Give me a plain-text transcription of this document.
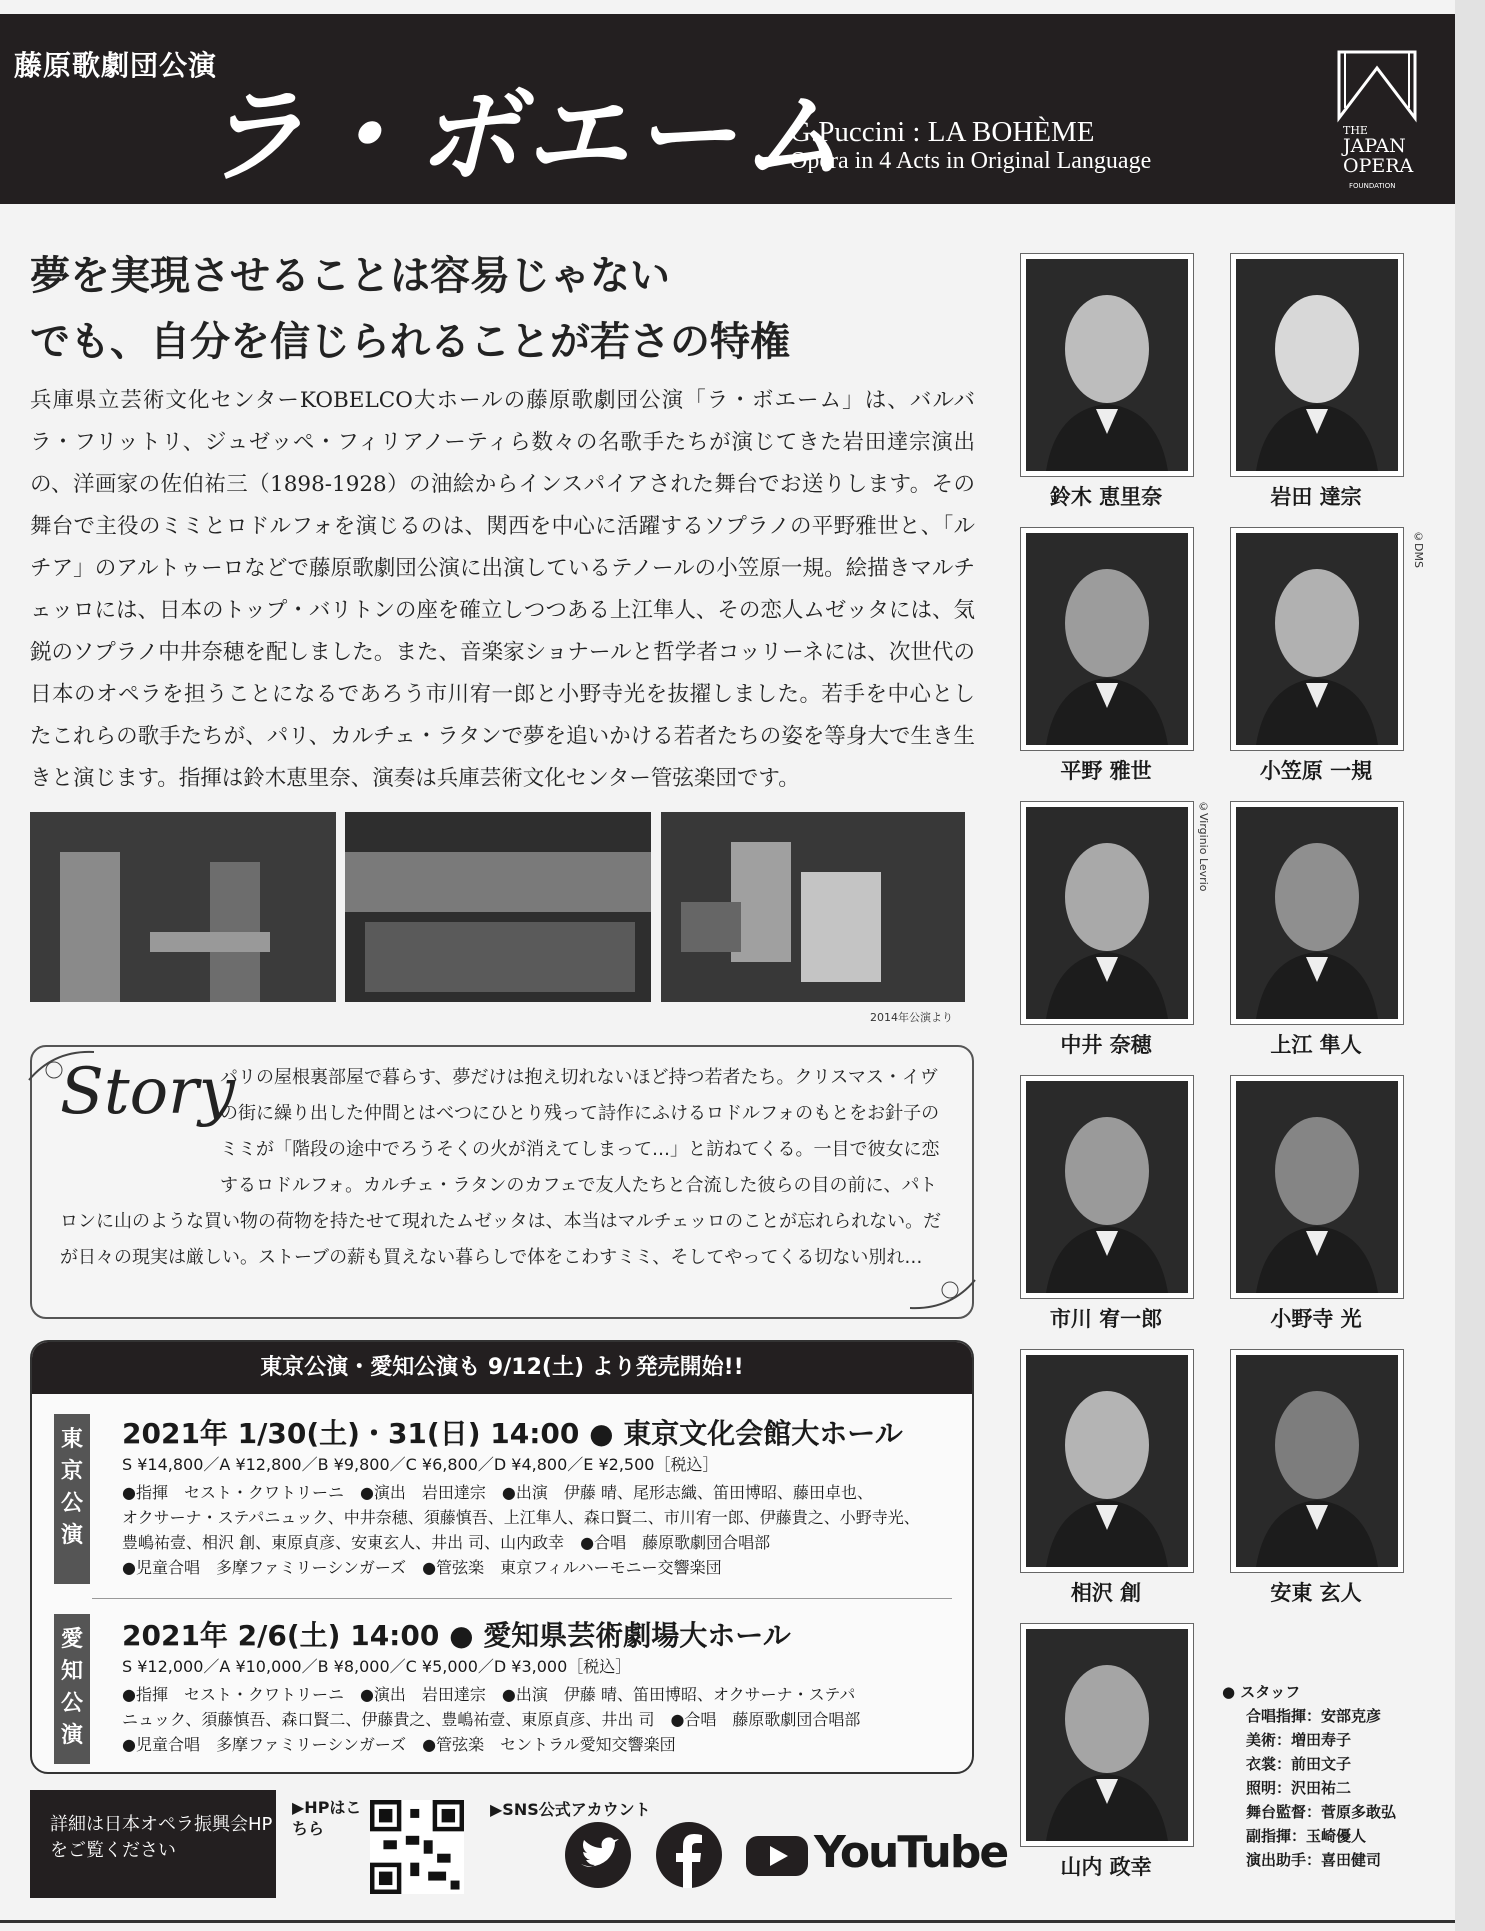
藤原歌劇団公演
ラ・ボエーム
G.Puccini : LA BOHÈME
Opera in 4 Acts in Original Language
THE
JAPAN
OPERA
FOUNDATION
夢を実現させることは容易じゃない
でも、自分を信じられることが若さの特権
兵庫県立芸術文化センターKOBELCO大ホールの藤原歌劇団公演「ラ・ボエーム」は、バルバラ・フリットリ、ジュゼッペ・フィリアノーティら数々の名歌手たちが演じてきた岩田達宗演出の、洋画家の佐伯祐三（1898-1928）の油絵からインスパイアされた舞台でお送りします。その舞台で主役のミミとロドルフォを演じるのは、関西を中心に活躍するソプラノの平野雅世と、「ルチア」のアルトゥーロなどで藤原歌劇団公演に出演しているテノールの小笠原一規。絵描きマルチェッロには、日本のトップ・バリトンの座を確立しつつある上江隼人、その恋人ムゼッタには、気鋭のソプラノ中井奈穂を配しました。また、音楽家ショナールと哲学者コッリーネには、次世代の日本のオペラを担うことになるであろう市川宥一郎と小野寺光を抜擢しました。若手を中心としたこれらの歌手たちが、パリ、カルチェ・ラタンで夢を追いかける若者たちの姿を等身大で生き生きと演じます。指揮は鈴木恵里奈、演奏は兵庫芸術文化センター管弦楽団です。
2014年公演より
Story
パリの屋根裏部屋で暮らす、夢だけは抱え切れないほど持つ若者たち。クリスマス・イヴの街に繰り出した仲間とはべつにひとり残って詩作にふけるロドルフォのもとをお針子のミミが「階段の途中でろうそくの火が消えてしまって…」と訪ねてくる。一目で彼女に恋するロドルフォ。カルチェ・ラタンのカフェで友人たちと合流した彼らの目の前に、パトロンに山のような買い物の荷物を持たせて現れたムゼッタは、本当はマルチェッロのことが忘れられない。だが日々の現実は厳しい。ストーブの薪も買えない暮らしで体をこわすミミ、そしてやってくる切ない別れ…
東京公演・愛知公演も 9/12(土) より発売開始!!
東京公演
2021年 1/30(土)・31(日) 14:00 ● 東京文化会館大ホール
S ¥14,800／A ¥12,800／B ¥9,800／C ¥6,800／D ¥4,800／E ¥2,500［税込］
●指揮　セスト・クワトリーニ　●演出　岩田達宗　●出演　伊藤 晴、尾形志織、笛田博昭、藤田卓也、
オクサーナ・ステパニュック、中井奈穂、須藤慎吾、上江隼人、森口賢二、市川宥一郎、伊藤貴之、小野寺光、
豊嶋祐壹、相沢 創、東原貞彦、安東玄人、井出 司、山内政幸　●合唱　藤原歌劇団合唱部
●児童合唱　多摩ファミリーシンガーズ　●管弦楽　東京フィルハーモニー交響楽団
愛知公演
2021年 2/6(土) 14:00 ● 愛知県芸術劇場大ホール
S ¥12,000／A ¥10,000／B ¥8,000／C ¥5,000／D ¥3,000［税込］
●指揮　セスト・クワトリーニ　●演出　岩田達宗　●出演　伊藤 晴、笛田博昭、オクサーナ・ステパ
ニュック、須藤慎吾、森口賢二、伊藤貴之、豊嶋祐壹、東原貞彦、井出 司　●合唱　藤原歌劇団合唱部
●児童合唱　多摩ファミリーシンガーズ　●管弦楽　セントラル愛知交響楽団
詳細は日本オペラ振興会HPをご覧ください
▶HPはこちら
▶SNS公式アカウント
YouTube
鈴木 恵里奈	岩田 達宗
平野 雅世	小笠原 一規
中井 奈穂	上江 隼人
市川 宥一郎	小野寺 光
相沢 創	安東 玄人
山内 政幸
©DMS
©Virginio Levrio
● スタッフ
合唱指揮：安部克彦
美術：増田寿子
衣裳：前田文子
照明：沢田祐二
舞台監督：菅原多敢弘
副指揮：玉崎優人
演出助手：喜田健司
